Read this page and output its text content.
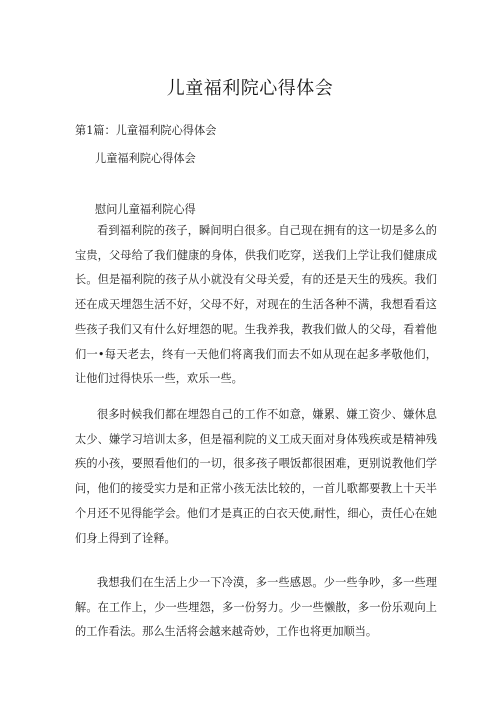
儿童福利院心得体会
第1篇：儿童福利院心得体会
儿童福利院心得体会
慰问儿童福利院心得

看到福利院的孩子，瞬间明白很多。自己现在拥有的这一切是多么的宝贵，父母给了我们健康的身体，供我们吃穿，送我们上学让我们健康成长。但是福利院的孩子从小就没有父母关爱，有的还是天生的残疾。我们还在成天埋怨生活不好，父母不好，对现在的生活各种不满，我想看看这些孩子我们又有什么好埋怨的呢。生我养我，教我们做人的父母，看着他们一•每天老去，终有一天他们将离我们而去不如从现在起多孝敬他们，让他们过得快乐一些，欢乐一些。

很多时候我们都在埋怨自己的工作不如意，嫌累、嫌工资少、嫌休息太少、嫌学习培训太多，但是福利院的义工成天面对身体残疾或是精神残疾的小孩，要照看他们的一切，很多孩子喂饭都很困难，更别说教他们学问，他们的接受实力是和正常小孩无法比较的，一首儿歌都要教上十天半个月还不见得能学会。他们才是真正的白衣天使,耐性，细心，责任心在她们身上得到了诠释。

我想我们在生活上少一下冷漠，多一些感恩。少一些争吵，多一些理解。在工作上，少一些埋怨，多一份努力。少一些懒散，多一份乐观向上的工作看法。那么生活将会越来越奇妙，工作也将更加顺当。
